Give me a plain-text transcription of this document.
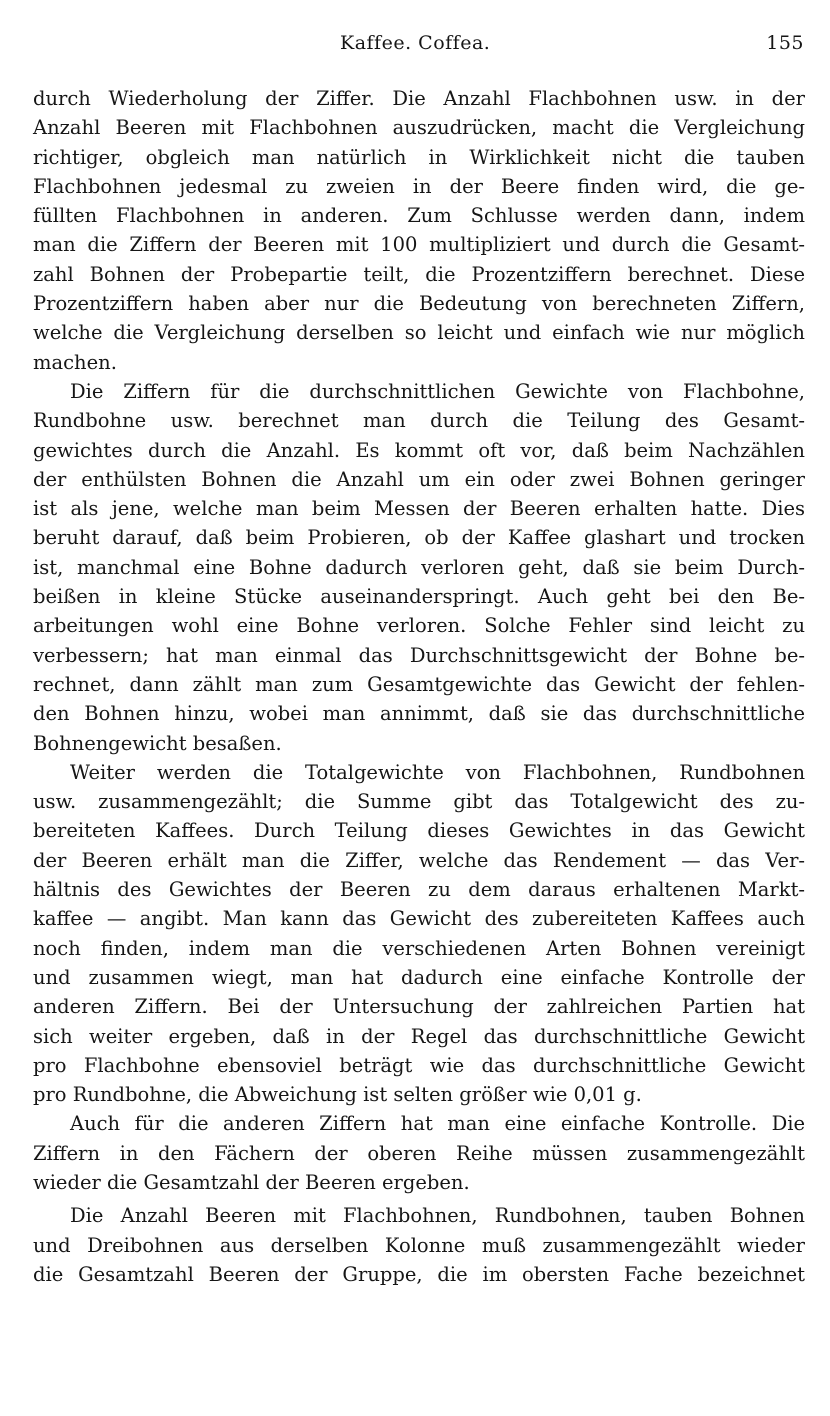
Kaffee. Coffea.	155
durch Wiederholung der Ziffer. Die Anzahl Flachbohnen usw. in der
Anzahl Beeren mit Flachbohnen auszudrücken, macht die Vergleichung
richtiger, obgleich man natürlich in Wirklichkeit nicht die tauben
Flachbohnen jedesmal zu zweien in der Beere finden wird, die ge-
füllten Flachbohnen in anderen. Zum Schlusse werden dann, indem
man die Ziffern der Beeren mit 100 multipliziert und durch die Gesamt-
zahl Bohnen der Probepartie teilt, die Prozentziffern berechnet. Diese
Prozentziffern haben aber nur die Bedeutung von berechneten Ziffern,
welche die Vergleichung derselben so leicht und einfach wie nur möglich
machen.
Die Ziffern für die durchschnittlichen Gewichte von Flachbohne,
Rundbohne usw. berechnet man durch die Teilung des Gesamt-
gewichtes durch die Anzahl. Es kommt oft vor, daß beim Nachzählen
der enthülsten Bohnen die Anzahl um ein oder zwei Bohnen geringer
ist als jene, welche man beim Messen der Beeren erhalten hatte. Dies
beruht darauf, daß beim Probieren, ob der Kaffee glashart und trocken
ist, manchmal eine Bohne dadurch verloren geht, daß sie beim Durch-
beißen in kleine Stücke auseinanderspringt. Auch geht bei den Be-
arbeitungen wohl eine Bohne verloren. Solche Fehler sind leicht zu
verbessern; hat man einmal das Durchschnittsgewicht der Bohne be-
rechnet, dann zählt man zum Gesamtgewichte das Gewicht der fehlen-
den Bohnen hinzu, wobei man annimmt, daß sie das durchschnittliche
Bohnengewicht besaßen.
Weiter werden die Totalgewichte von Flachbohnen, Rundbohnen
usw. zusammengezählt; die Summe gibt das Totalgewicht des zu-
bereiteten Kaffees. Durch Teilung dieses Gewichtes in das Gewicht
der Beeren erhält man die Ziffer, welche das Rendement — das Ver-
hältnis des Gewichtes der Beeren zu dem daraus erhaltenen Markt-
kaffee — angibt. Man kann das Gewicht des zubereiteten Kaffees auch
noch finden, indem man die verschiedenen Arten Bohnen vereinigt
und zusammen wiegt, man hat dadurch eine einfache Kontrolle der
anderen Ziffern. Bei der Untersuchung der zahlreichen Partien hat
sich weiter ergeben, daß in der Regel das durchschnittliche Gewicht
pro Flachbohne ebensoviel beträgt wie das durchschnittliche Gewicht
pro Rundbohne, die Abweichung ist selten größer wie 0,01 g.
Auch für die anderen Ziffern hat man eine einfache Kontrolle. Die
Ziffern in den Fächern der oberen Reihe müssen zusammengezählt
wieder die Gesamtzahl der Beeren ergeben.
Die Anzahl Beeren mit Flachbohnen, Rundbohnen, tauben Bohnen
und Dreibohnen aus derselben Kolonne muß zusammengezählt wieder
die Gesamtzahl Beeren der Gruppe, die im obersten Fache bezeichnet
